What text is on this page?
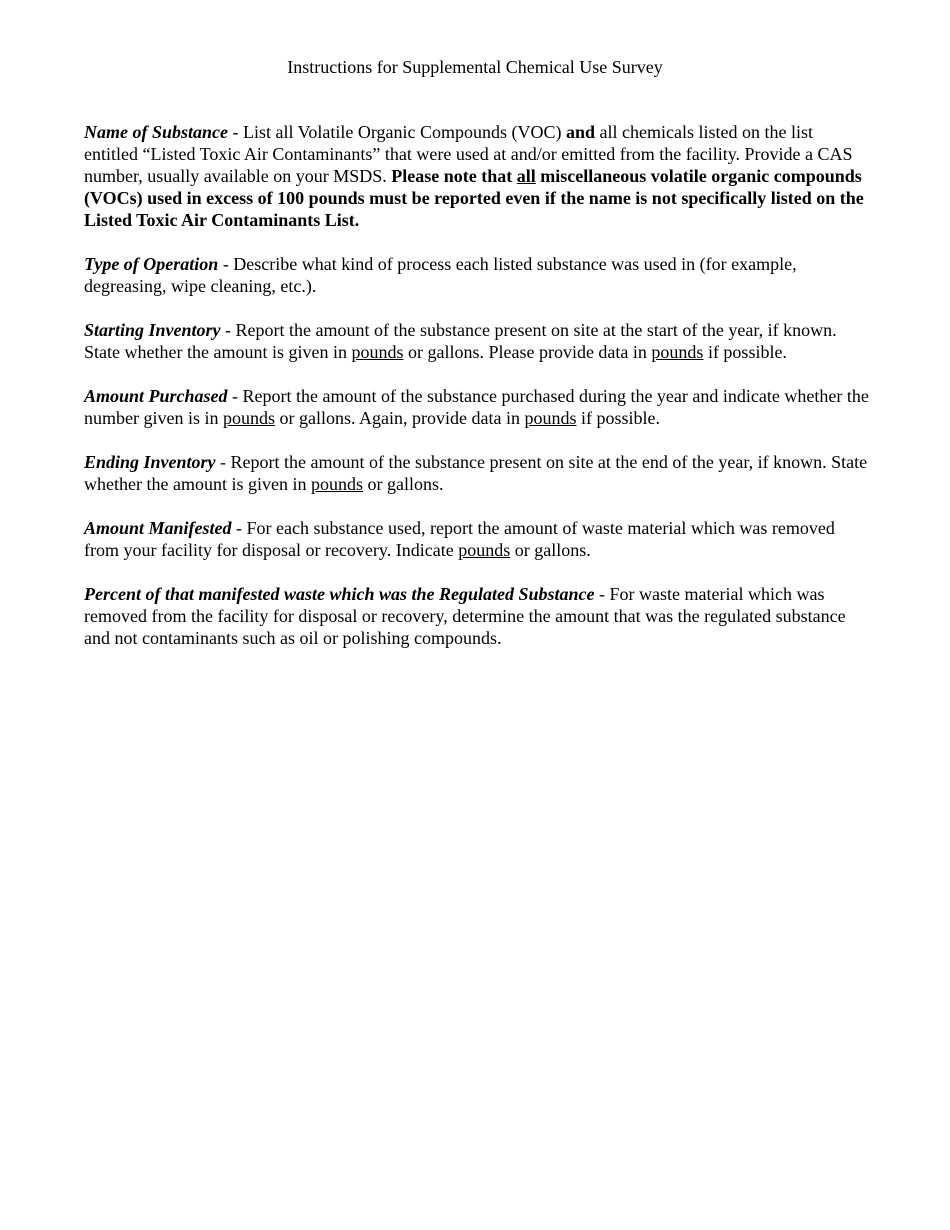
Instructions for Supplemental Chemical Use Survey

Name of Substance - List all Volatile Organic Compounds (VOC) and all chemicals listed on the list entitled “Listed Toxic Air Contaminants” that were used at and/or emitted from the facility. Provide a CAS number, usually available on your MSDS. Please note that all miscellaneous volatile organic compounds (VOCs) used in excess of 100 pounds must be reported even if the name is not specifically listed on the Listed Toxic Air Contaminants List.

Type of Operation - Describe what kind of process each listed substance was used in (for example, degreasing, wipe cleaning, etc.).

Starting Inventory - Report the amount of the substance present on site at the start of the year, if known. State whether the amount is given in pounds or gallons. Please provide data in pounds if possible.

Amount Purchased - Report the amount of the substance purchased during the year and indicate whether the number given is in pounds or gallons. Again, provide data in pounds if possible.

Ending Inventory - Report the amount of the substance present on site at the end of the year, if known. State whether the amount is given in pounds or gallons.

Amount Manifested - For each substance used, report the amount of waste material which was removed from your facility for disposal or recovery. Indicate pounds or gallons.

Percent of that manifested waste which was the Regulated Substance - For waste material which was removed from the facility for disposal or recovery, determine the amount that was the regulated substance and not contaminants such as oil or polishing compounds.
